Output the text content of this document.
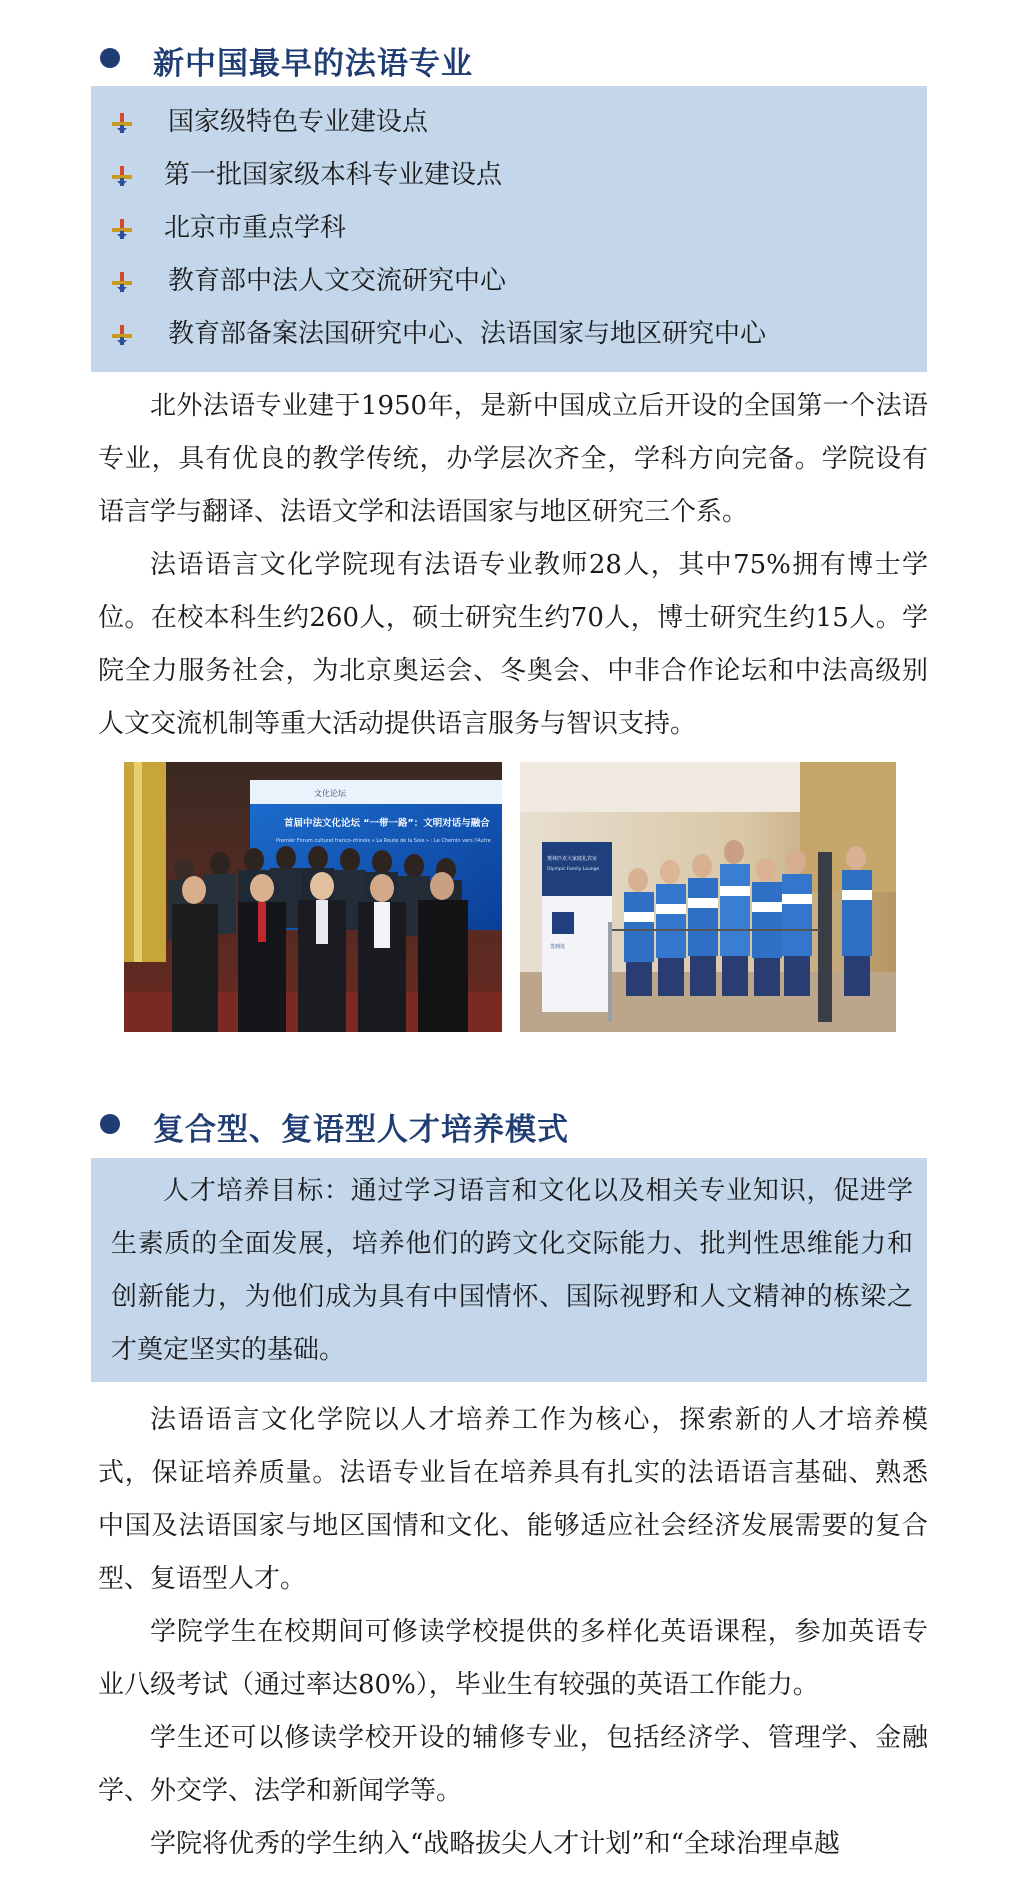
新中国最早的法语专业
国家级特色专业建设点
第一批国家级本科专业建设点
北京市重点学科
教育部中法人文交流研究中心
教育部备案法国研究中心、法语国家与地区研究中心

北外法语专业建于1950年，是新中国成立后开设的全国第一个法语专业，具有优良的教学传统，办学层次齐全，学科方向完备。学院设有语言学与翻译、法语文学和法语国家与地区研究三个系。

法语语言文化学院现有法语专业教师28人，其中75%拥有博士学位。在校本科生约260人，硕士研究生约70人，博士研究生约15人。学院全力服务社会，为北京奥运会、冬奥会、中非合作论坛和中法高级别人文交流机制等重大活动提供语言服务与智识支持。

文化论坛
首届中法文化论坛 “一带一路”：文明对话与融合
Premier Forum culturel franco-chinois « La Route de la Soie » : Le Chemin vers l'Autre
奥林匹克大家庭礼宾室
Olympic Family Lounge
签到处
复合型、复语型人才培养模式

人才培养目标：通过学习语言和文化以及相关专业知识，促进学生素质的全面发展，培养他们的跨文化交际能力、批判性思维能力和创新能力，为他们成为具有中国情怀、国际视野和人文精神的栋梁之才奠定坚实的基础。

法语语言文化学院以人才培养工作为核心，探索新的人才培养模式，保证培养质量。法语专业旨在培养具有扎实的法语语言基础、熟悉中国及法语国家与地区国情和文化、能够适应社会经济发展需要的复合型、复语型人才。

学院学生在校期间可修读学校提供的多样化英语课程，参加英语专业八级考试（通过率达80%），毕业生有较强的英语工作能力。

学生还可以修读学校开设的辅修专业，包括经济学、管理学、金融学、外交学、法学和新闻学等。

学院将优秀的学生纳入“战略拔尖人才计划”和“全球治理卓越
